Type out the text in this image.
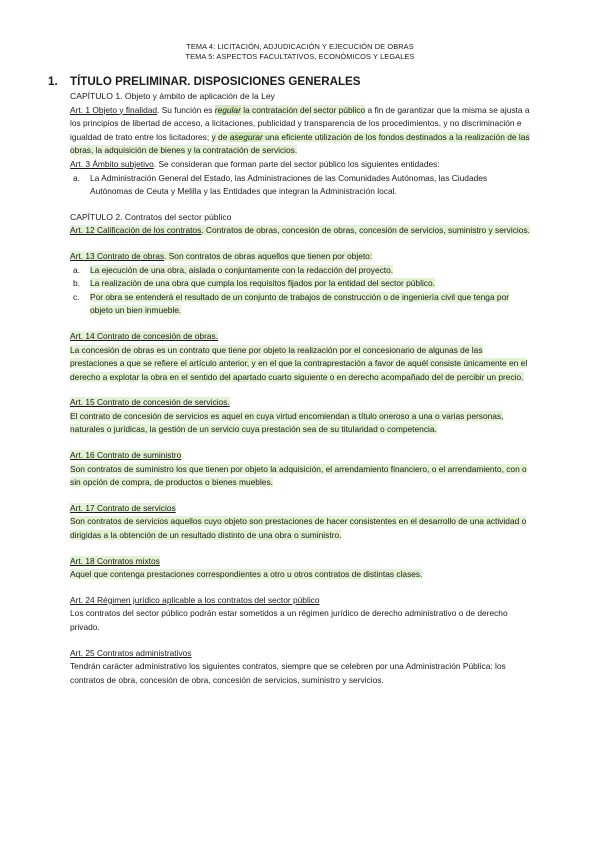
TEMA 4: LICITACIÓN, ADJUDICACIÓN Y EJECUCIÓN DE OBRAS
TEMA 5: ASPECTOS FACULTATIVOS, ECONÓMICOS Y LEGALES
1. TÍTULO PRELIMINAR. DISPOSICIONES GENERALES
CAPÍTULO 1. Objeto y ámbito de aplicación de la Ley
Art. 1 Objeto y finalidad. Su función es regular la contratación del sector público a fin de garantizar que la misma se ajusta a los principios de libertad de acceso, a licitaciones, publicidad y transparencia de los procedimientos, y no discriminación e igualdad de trato entre los licitadores; y de asegurar una eficiente utilización de los fondos destinados a la realización de las obras, la adquisición de bienes y la contratación de servicios.
Art. 3 Ámbito subjetivo. Se consideran que forman parte del sector público los siguientes entidades:
a. La Administración General del Estado, las Administraciones de las Comunidades Autónomas, las Ciudades Autónomas de Ceuta y Melilla y las Entidades que integran la Administración local.
CAPÍTULO 2. Contratos del sector público
Art. 12 Calificación de los contratos. Contratos de obras, concesión de obras, concesión de servicios, suministro y servicios.
Art. 13 Contrato de obras. Son contratos de obras aquellos que tienen por objeto:
a. La ejecución de una obra, aislada o conjuntamente con la redacción del proyecto.
b. La realización de una obra que cumpla los requisitos fijados por la entidad del sector público.
c. Por obra se entenderá el resultado de un conjunto de trabajos de construcción o de ingeniería civil que tenga por objeto un bien inmueble.
Art. 14 Contrato de concesión de obras.
La concesión de obras es un contrato que tiene por objeto la realización por el concesionario de algunas de las prestaciones a que se refiere el artículo anterior, y en el que la contraprestación a favor de aquél consiste únicamente en el derecho a explotar la obra en el sentido del apartado cuarto siguiente o en derecho acompañado del de percibir un precio.
Art. 15 Contrato de concesión de servicios.
El contrato de concesión de servicios es aquel en cuya virtud encomiendan a título oneroso a una o varias personas, naturales o jurídicas, la gestión de un servicio cuya prestación sea de su titularidad o competencia.
Art. 16 Contrato de suministro
Son contratos de suministro los que tienen por objeto la adquisición, el arrendamiento financiero, o el arrendamiento, con o sin opción de compra, de productos o bienes muebles.
Art. 17 Contrato de servicios
Son contratos de servicios aquellos cuyo objeto son prestaciones de hacer consistentes en el desarrollo de una actividad o dirigidas a la obtención de un resultado distinto de una obra o suministro.
Art. 18 Contratos mixtos
Aquel que contenga prestaciones correspondientes a otro u otros contratos de distintas clases.
Art. 24 Régimen jurídico aplicable a los contratos del sector público
Los contratos del sector público podrán estar sometidos a un régimen jurídico de derecho administrativo o de derecho privado.
Art. 25 Contratos administrativos
Tendrán carácter administrativo los siguientes contratos, siempre que se celebren por una Administración Pública: los contratos de obra, concesión de obra, concesión de servicios, suministro y servicios.
